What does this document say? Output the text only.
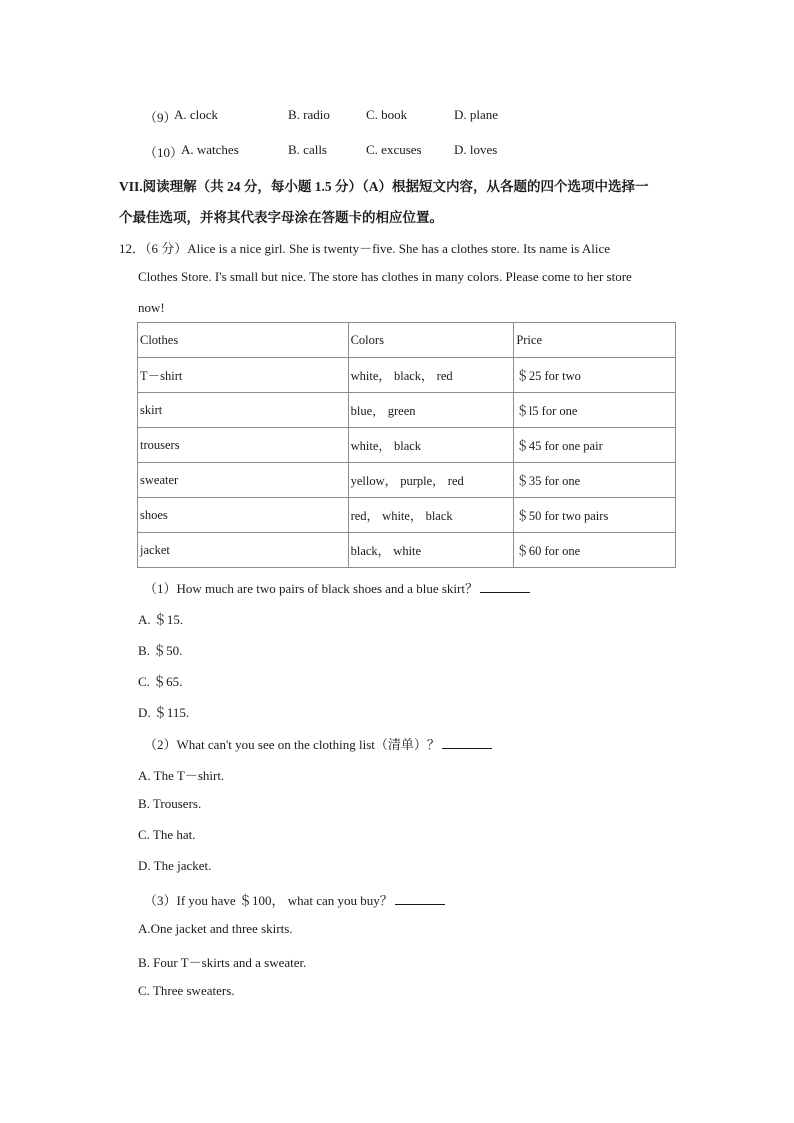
（9）
A. clock	B. radio	C. book	D. plane
（10）
A. watches	B. calls	C. excuses D. loves
VII.阅读理解（共 24 分，每小题 1.5 分）（A）根据短文内容，从各题的四个选项中选择一
个最佳选项，并将其代表字母涂在答题卡的相应位置。
12．（6 分）Alice is a nice girl. She is twenty－five. She has a clothes store. Its name is Alice
Clothes Store. I's small but nice. The store has clothes in many colors. Please come to her store
now!
Clothes	Colors	Price
T－shirt	white， black， red	＄25 for two
skirt	blue， green	＄l5 for one
trousers	white， black	＄45 for one pair
sweater	yellow， purple， red	＄35 for one
shoes	red， white， black	＄50 for two pairs
jacket	black， white	＄60 for one
（1）How much are two pairs of black shoes and a blue skirt？
A. ＄15.
B. ＄50.
C. ＄65.
D. ＄115.
（2）What can't you see on the clothing list（清单）？
A. The T－shirt.
B. Trousers.
C. The hat.
D. The jacket.
（3）If you have ＄100， what can you buy？
A.One jacket and three skirts.
B. Four T－skirts and a sweater.
C. Three sweaters.
